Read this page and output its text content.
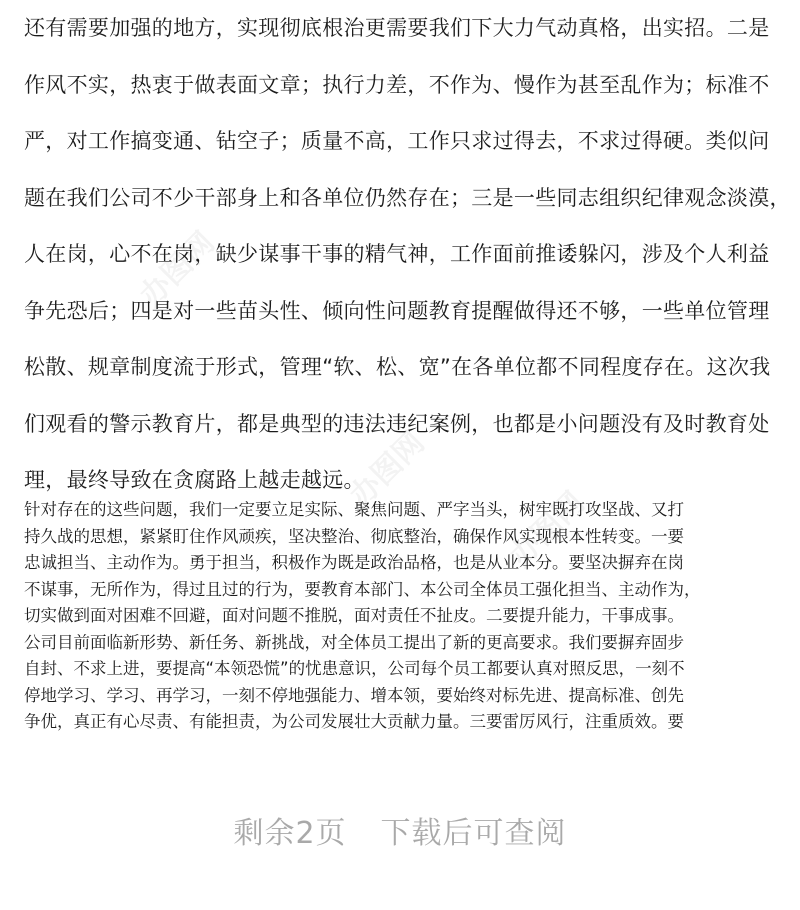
办图网
办图网
办图网
还有需要加强的地方，实现彻底根治更需要我们下大力气动真格，出实招。二是
作风不实，热衷于做表面文章；执行力差，不作为、慢作为甚至乱作为；标准不
严，对工作搞变通、钻空子；质量不高，工作只求过得去，不求过得硬。类似问
题在我们公司不少干部身上和各单位仍然存在；三是一些同志组织纪律观念淡漠，
人在岗，心不在岗，缺少谋事干事的精气神，工作面前推诿躲闪，涉及个人利益
争先恐后；四是对一些苗头性、倾向性问题教育提醒做得还不够，一些单位管理
松散、规章制度流于形式，管理“软、松、宽”在各单位都不同程度存在。这次我
们观看的警示教育片，都是典型的违法违纪案例，也都是小问题没有及时教育处
理，最终导致在贪腐路上越走越远。
针对存在的这些问题，我们一定要立足实际、聚焦问题、严字当头，树牢既打攻坚战、又打
持久战的思想，紧紧盯住作风顽疾，坚决整治、彻底整治，确保作风实现根本性转变。一要
忠诚担当、主动作为。勇于担当，积极作为既是政治品格，也是从业本分。要坚决摒弃在岗
不谋事，无所作为，得过且过的行为，要教育本部门、本公司全体员工强化担当、主动作为，
切实做到面对困难不回避，面对问题不推脱，面对责任不扯皮。二要提升能力，干事成事。
公司目前面临新形势、新任务、新挑战，对全体员工提出了新的更高要求。我们要摒弃固步
自封、不求上进，要提高“本领恐慌”的忧患意识，公司每个员工都要认真对照反思，一刻不
停地学习、学习、再学习，一刻不停地强能力、增本领，要始终对标先进、提高标准、创先
争优，真正有心尽责、有能担责，为公司发展壮大贡献力量。三要雷厉风行，注重质效。要
剩余2页 下载后可查阅
